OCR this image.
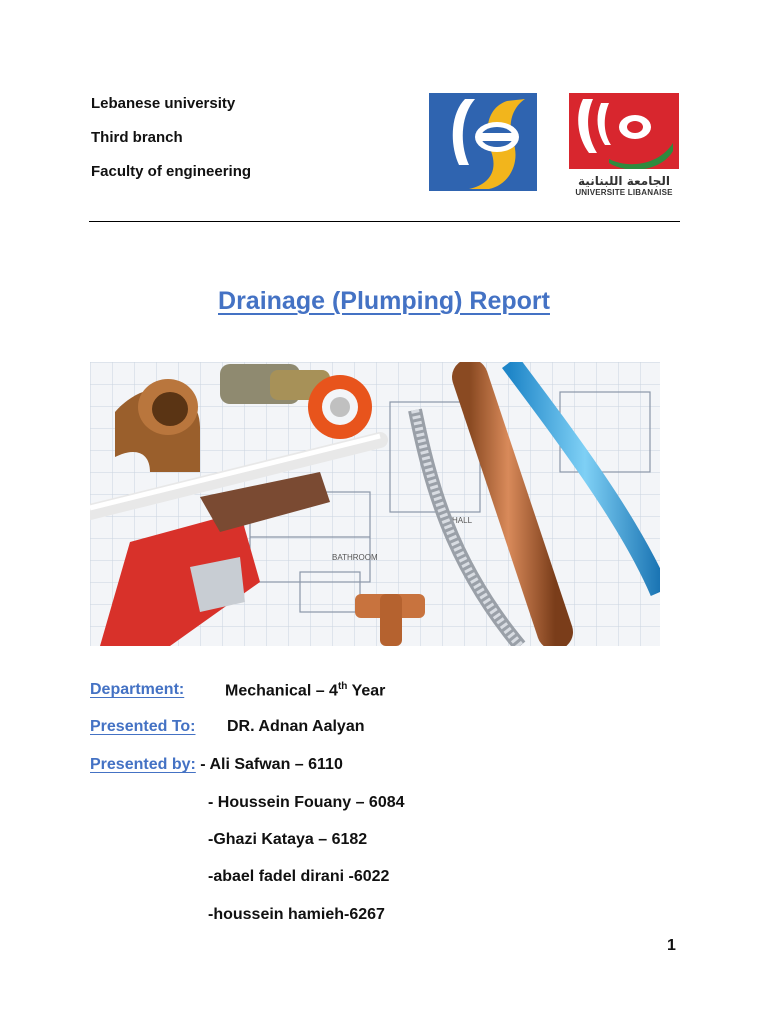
Lebanese university
Third branch
Faculty of engineering
الجامعة اللبنانية
UNIVERSITE LIBANAISE
Drainage (Plumping) Report
BATHROOM
HALL
Department:	Mechanical – 4th Year
Presented To: DR. Adnan Aalyan
Presented by: - Ali Safwan – 6110
- Houssein Fouany – 6084
-Ghazi Kataya – 6182
-abael fadel dirani -6022
-houssein hamieh-6267
1
